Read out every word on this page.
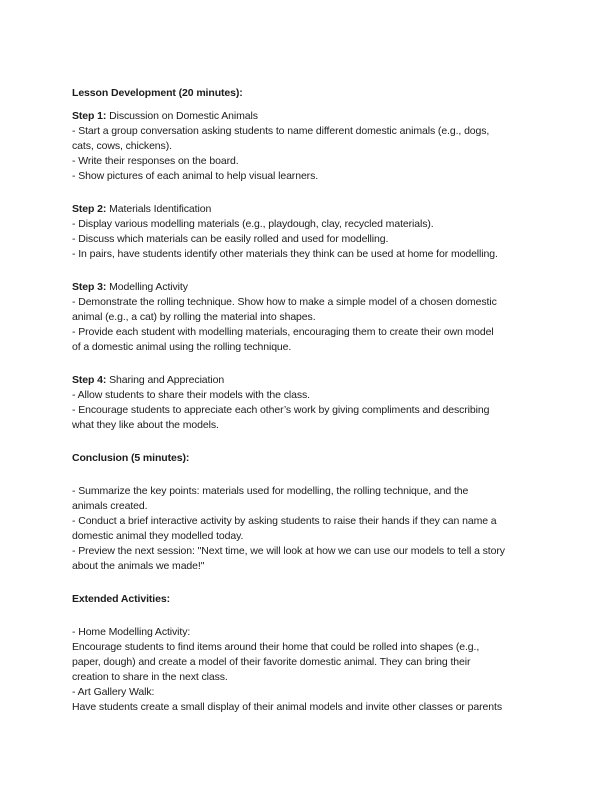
Lesson Development (20 minutes):

Step 1: Discussion on Domestic Animals
- Start a group conversation asking students to name different domestic animals (e.g., dogs,
cats, cows, chickens).
- Write their responses on the board.
- Show pictures of each animal to help visual learners.
Step 2: Materials Identification
- Display various modelling materials (e.g., playdough, clay, recycled materials).
- Discuss which materials can be easily rolled and used for modelling.
- In pairs, have students identify other materials they think can be used at home for modelling.
Step 3: Modelling Activity
- Demonstrate the rolling technique. Show how to make a simple model of a chosen domestic
animal (e.g., a cat) by rolling the material into shapes.
- Provide each student with modelling materials, encouraging them to create their own model
of a domestic animal using the rolling technique.
Step 4: Sharing and Appreciation
- Allow students to share their models with the class.
- Encourage students to appreciate each other’s work by giving compliments and describing
what they like about the models.

Conclusion (5 minutes):

- Summarize the key points: materials used for modelling, the rolling technique, and the
animals created.
- Conduct a brief interactive activity by asking students to raise their hands if they can name a
domestic animal they modelled today.
- Preview the next session: "Next time, we will look at how we can use our models to tell a story
about the animals we made!"

Extended Activities:

- Home Modelling Activity:
Encourage students to find items around their home that could be rolled into shapes (e.g.,
paper, dough) and create a model of their favorite domestic animal. They can bring their
creation to share in the next class.
- Art Gallery Walk:
Have students create a small display of their animal models and invite other classes or parents
